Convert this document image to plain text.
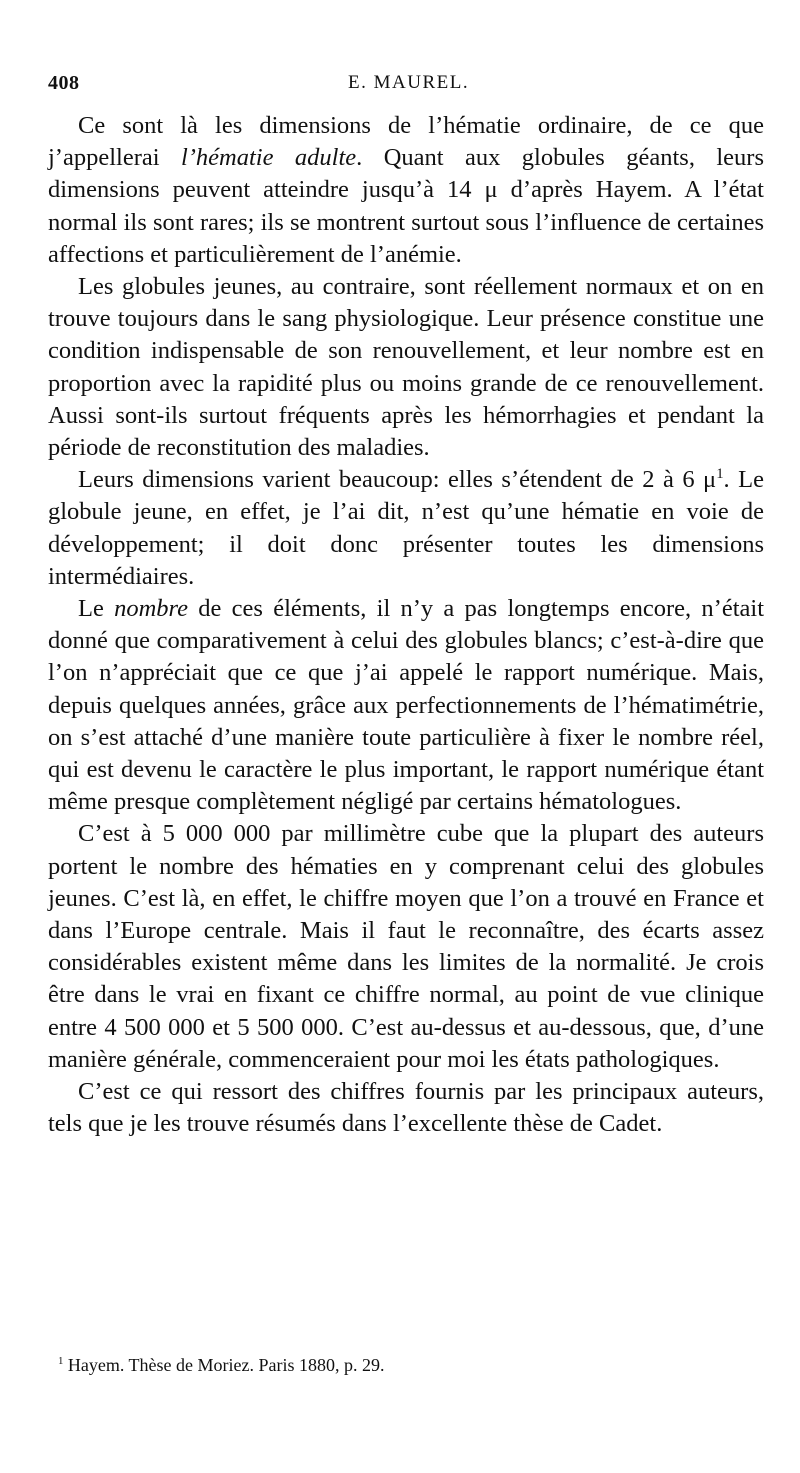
408	E. MAUREL.

Ce sont là les dimensions de l’hématie ordinaire, de ce que j’appellerai l’hématie adulte. Quant aux globules géants, leurs dimensions peuvent atteindre jusqu’à 14 μ d’après Hayem. A l’état normal ils sont rares; ils se montrent surtout sous l’influence de certaines affections et particulièrement de l’anémie.

Les globules jeunes, au contraire, sont réellement normaux et on en trouve toujours dans le sang physiologique. Leur présence constitue une condition indispensable de son renouvellement, et leur nombre est en proportion avec la rapidité plus ou moins grande de ce renouvellement. Aussi sont-ils surtout fréquents après les hémorrhagies et pendant la période de reconstitution des maladies.

Leurs dimensions varient beaucoup: elles s’étendent de 2 à 6 $\mu^1$. Le globule jeune, en effet, je l’ai dit, n’est qu’une hématie en voie de développement; il doit donc présenter toutes les dimensions intermédiaires.

Le nombre de ces éléments, il n’y a pas longtemps encore, n’était donné que comparativement à celui des globules blancs; c’est-à-dire que l’on n’appréciait que ce que j’ai appelé le rapport numérique. Mais, depuis quelques années, grâce aux perfectionnements de l’hématimétrie, on s’est attaché d’une manière toute particulière à fixer le nombre réel, qui est devenu le caractère le plus important, le rapport numérique étant même presque complètement négligé par certains hématologues.

C’est à 5 000 000 par millimètre cube que la plupart des auteurs portent le nombre des hématies en y comprenant celui des globules jeunes. C’est là, en effet, le chiffre moyen que l’on a trouvé en France et dans l’Europe centrale. Mais il faut le reconnaître, des écarts assez considérables existent même dans les limites de la normalité. Je crois être dans le vrai en fixant ce chiffre normal, au point de vue clinique entre 4 500 000 et 5 500 000. C’est au-dessus et au-dessous, que, d’une manière générale, commenceraient pour moi les états pathologiques.

C’est ce qui ressort des chiffres fournis par les principaux auteurs, tels que je les trouve résumés dans l’excellente thèse de Cadet.

$^1$ Hayem. Thèse de Moriez. Paris 1880, p. 29.
